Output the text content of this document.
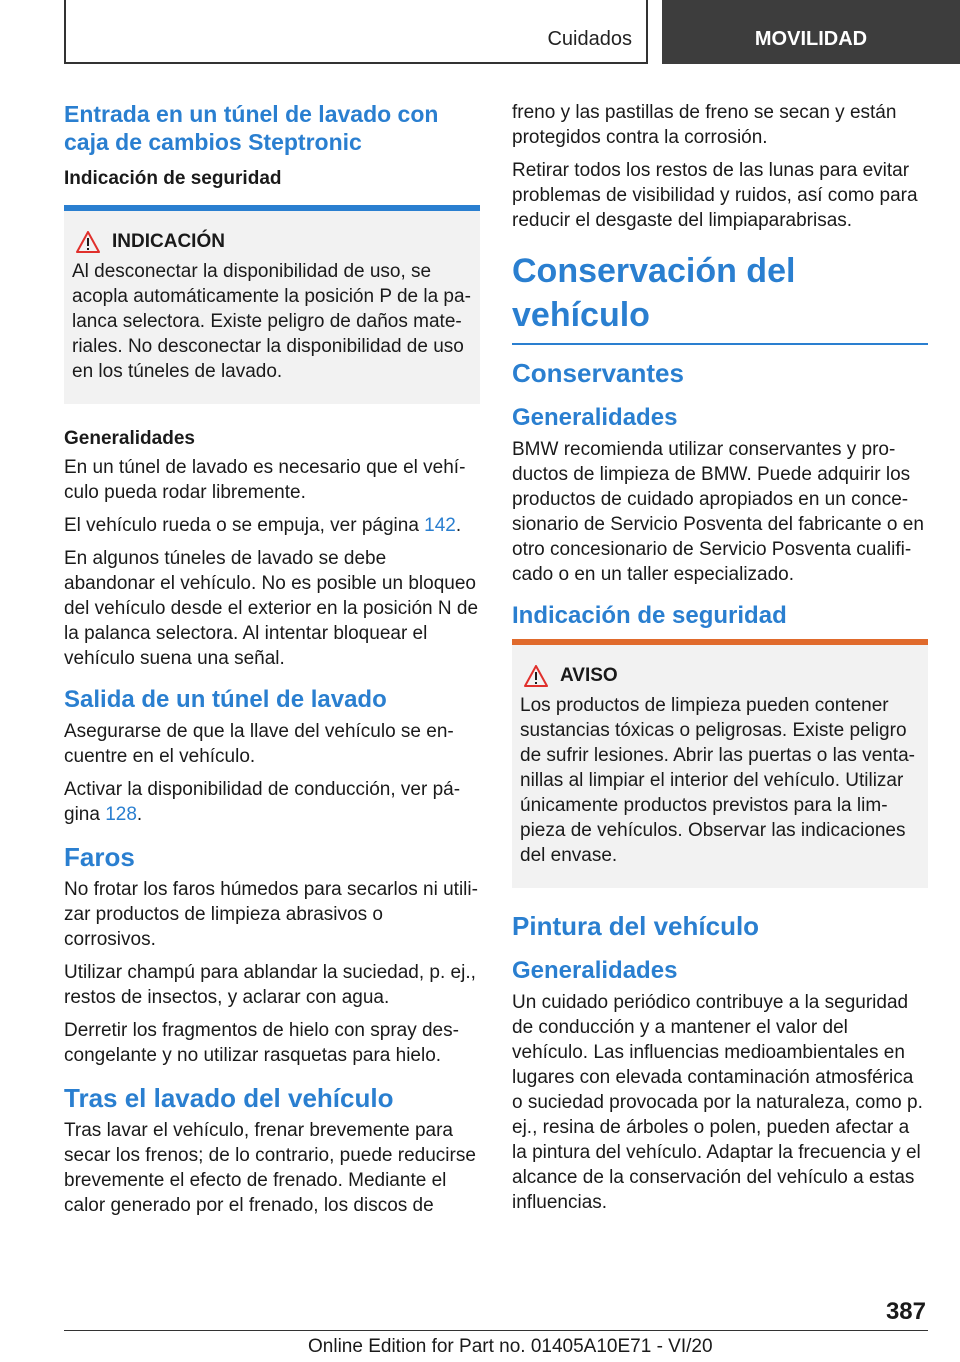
Cuidados	MOVILIDAD
Entrada en un túnel de lavado con caja de cambios Steptronic
Indicación de seguridad
INDICACIÓN

Al desconectar la disponibilidad de uso, se acopla automáticamente la posición P de la palanca selectora. Existe peligro de daños materiales. No desconectar la disponibilidad de uso en los túneles de lavado.

Generalidades

En un túnel de lavado es necesario que el vehículo pueda rodar libremente.

El vehículo rueda o se empuja, ver página 142.

En algunos túneles de lavado se debe abandonar el vehículo. No es posible un bloqueo del vehículo desde el exterior en la posición N de la palanca selectora. Al intentar bloquear el vehículo suena una señal.

Salida de un túnel de lavado

Asegurarse de que la llave del vehículo se encuentre en el vehículo.

Activar la disponibilidad de conducción, ver página 128.

Faros

No frotar los faros húmedos para secarlos ni utilizar productos de limpieza abrasivos o corrosivos.

Utilizar champú para ablandar la suciedad, p. ej., restos de insectos, y aclarar con agua.

Derretir los fragmentos de hielo con spray descongelante y no utilizar rasquetas para hielo.

Tras el lavado del vehículo

Tras lavar el vehículo, frenar brevemente para secar los frenos; de lo contrario, puede reducirse brevemente el efecto de frenado. Mediante el calor generado por el frenado, los discos de

freno y las pastillas de freno se secan y están protegidos contra la corrosión.

Retirar todos los restos de las lunas para evitar problemas de visibilidad y ruidos, así como para reducir el desgaste del limpiaparabrisas.

Conservación del vehículo
Conservantes
Generalidades

BMW recomienda utilizar conservantes y productos de limpieza de BMW. Puede adquirir los productos de cuidado apropiados en un concesionario de Servicio Posventa del fabricante o en otro concesionario de Servicio Posventa cualificado o en un taller especializado.

Indicación de seguridad
AVISO

Los productos de limpieza pueden contener sustancias tóxicas o peligrosas. Existe peligro de sufrir lesiones. Abrir las puertas o las ventanillas al limpiar el interior del vehículo. Utilizar únicamente productos previstos para la limpieza de vehículos. Observar las indicaciones del envase.

Pintura del vehículo
Generalidades

Un cuidado periódico contribuye a la seguridad de conducción y a mantener el valor del vehículo. Las influencias medioambientales en lugares con elevada contaminación atmosférica o suciedad provocada por la naturaleza, como p. ej., resina de árboles o polen, pueden afectar a la pintura del vehículo. Adaptar la frecuencia y el alcance de la conservación del vehículo a estas influencias.

387
Online Edition for Part no. 01405A10E71 - VI/20
